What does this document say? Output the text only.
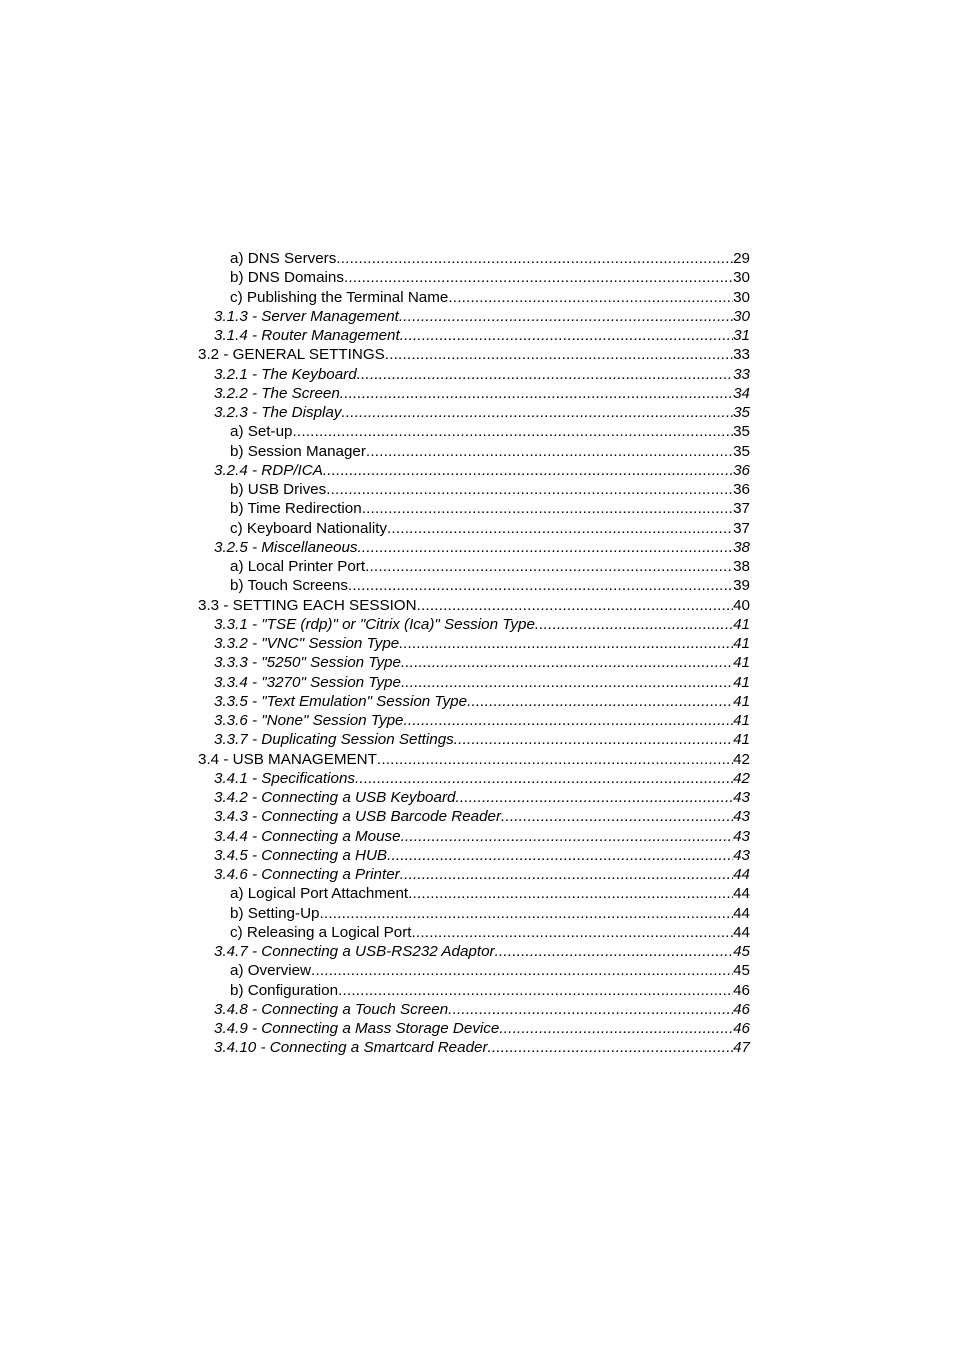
a) DNS Servers .....	29
b) DNS Domains .....	30
c) Publishing the Terminal Name .....	30
3.1.3 - Server Management .....	30
3.1.4 - Router Management .....	31
3.2 - GENERAL SETTINGS .....	33
3.2.1 - The Keyboard .....	33
3.2.2 - The Screen .....	34
3.2.3 - The Display .....	35
a) Set-up .....	35
b) Session Manager .....	35
3.2.4 - RDP/ICA .....	36
b) USB Drives .....	36
b) Time Redirection .....	37
c) Keyboard Nationality .....	37
3.2.5 - Miscellaneous .....	38
a) Local Printer Port .....	38
b) Touch Screens .....	39
3.3 - SETTING EACH SESSION .....	40
3.3.1 - "TSE (rdp)" or "Citrix (Ica)" Session Type .....	41
3.3.2 - "VNC" Session Type .....	41
3.3.3 - "5250" Session Type .....	41
3.3.4 - "3270" Session Type .....	41
3.3.5 - "Text Emulation" Session Type .....	41
3.3.6 - "None" Session Type .....	41
3.3.7 - Duplicating Session Settings .....	41
3.4 - USB MANAGEMENT .....	42
3.4.1 - Specifications .....	42
3.4.2 - Connecting a USB Keyboard .....	43
3.4.3 - Connecting a USB Barcode Reader .....	43
3.4.4 - Connecting a Mouse .....	43
3.4.5 - Connecting a HUB .....	43
3.4.6 - Connecting a Printer .....	44
a) Logical Port Attachment .....	44
b) Setting-Up .....	44
c) Releasing a Logical Port .....	44
3.4.7 - Connecting a USB-RS232 Adaptor .....	45
a) Overview .....	45
b) Configuration .....	46
3.4.8 - Connecting a Touch Screen .....	46
3.4.9 - Connecting a Mass Storage Device .....	46
3.4.10 - Connecting a Smartcard Reader .....	47
